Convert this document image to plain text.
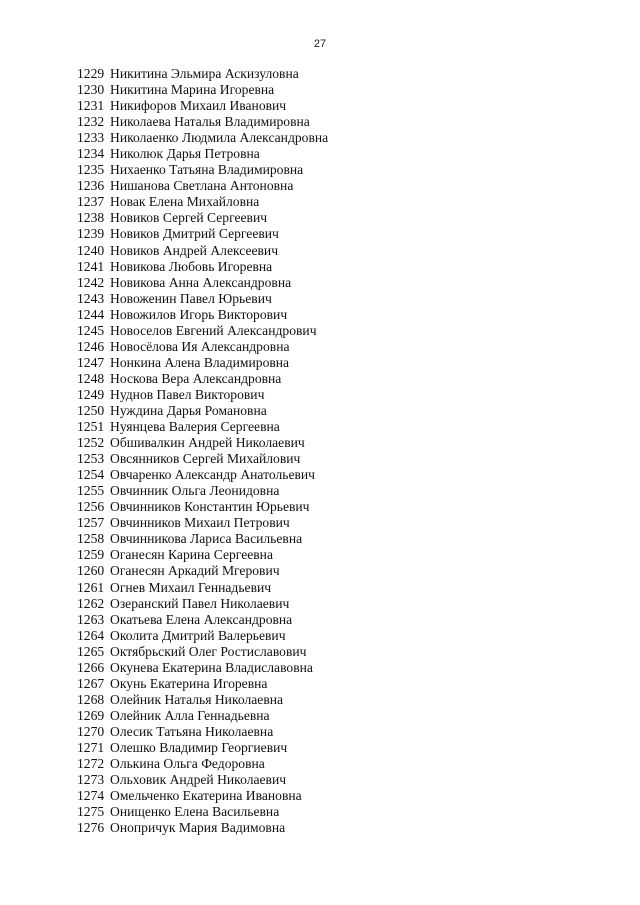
27
1229 Никитина Эльмира Аскизуловна
1230 Никитина Марина Игоревна
1231 Никифоров Михаил Иванович
1232 Николаева Наталья Владимировна
1233 Николаенко Людмила Александровна
1234 Николюк Дарья Петровна
1235 Нихаенко Татьяна Владимировна
1236 Нишанова Светлана Антоновна
1237 Новак Елена Михайловна
1238 Новиков Сергей Сергеевич
1239 Новиков Дмитрий Сергеевич
1240 Новиков Андрей Алексеевич
1241 Новикова Любовь Игоревна
1242 Новикова Анна Александровна
1243 Новоженин Павел Юрьевич
1244 Новожилов Игорь Викторович
1245 Новоселов Евгений Александрович
1246 Новосёлова Ия Александровна
1247 Нонкина Алена Владимировна
1248 Носкова Вера Александровна
1249 Нуднов Павел Викторович
1250 Нуждина Дарья Романовна
1251 Нуянцева Валерия Сергеевна
1252 Обшивалкин Андрей Николаевич
1253 Овсянников Сергей Михайлович
1254 Овчаренко Александр Анатольевич
1255 Овчинник Ольга Леонидовна
1256 Овчинников Константин Юрьевич
1257 Овчинников Михаил Петрович
1258 Овчинникова Лариса Васильевна
1259 Оганесян Карина Сергеевна
1260 Оганесян Аркадий Мгерович
1261 Огнев Михаил Геннадьевич
1262 Озеранский Павел Николаевич
1263 Окатьева Елена Александровна
1264 Околита Дмитрий Валерьевич
1265 Октябрьский Олег Ростиславович
1266 Окунева Екатерина Владиславовна
1267 Окунь Екатерина Игоревна
1268 Олейник Наталья Николаевна
1269 Олейник Алла Геннадьевна
1270 Олесик Татьяна Николаевна
1271 Олешко Владимир Георгиевич
1272 Олькина Ольга Федоровна
1273 Ольховик Андрей Николаевич
1274 Омельченко Екатерина Ивановна
1275 Онищенко Елена Васильевна
1276 Онопричук Мария Вадимовна
